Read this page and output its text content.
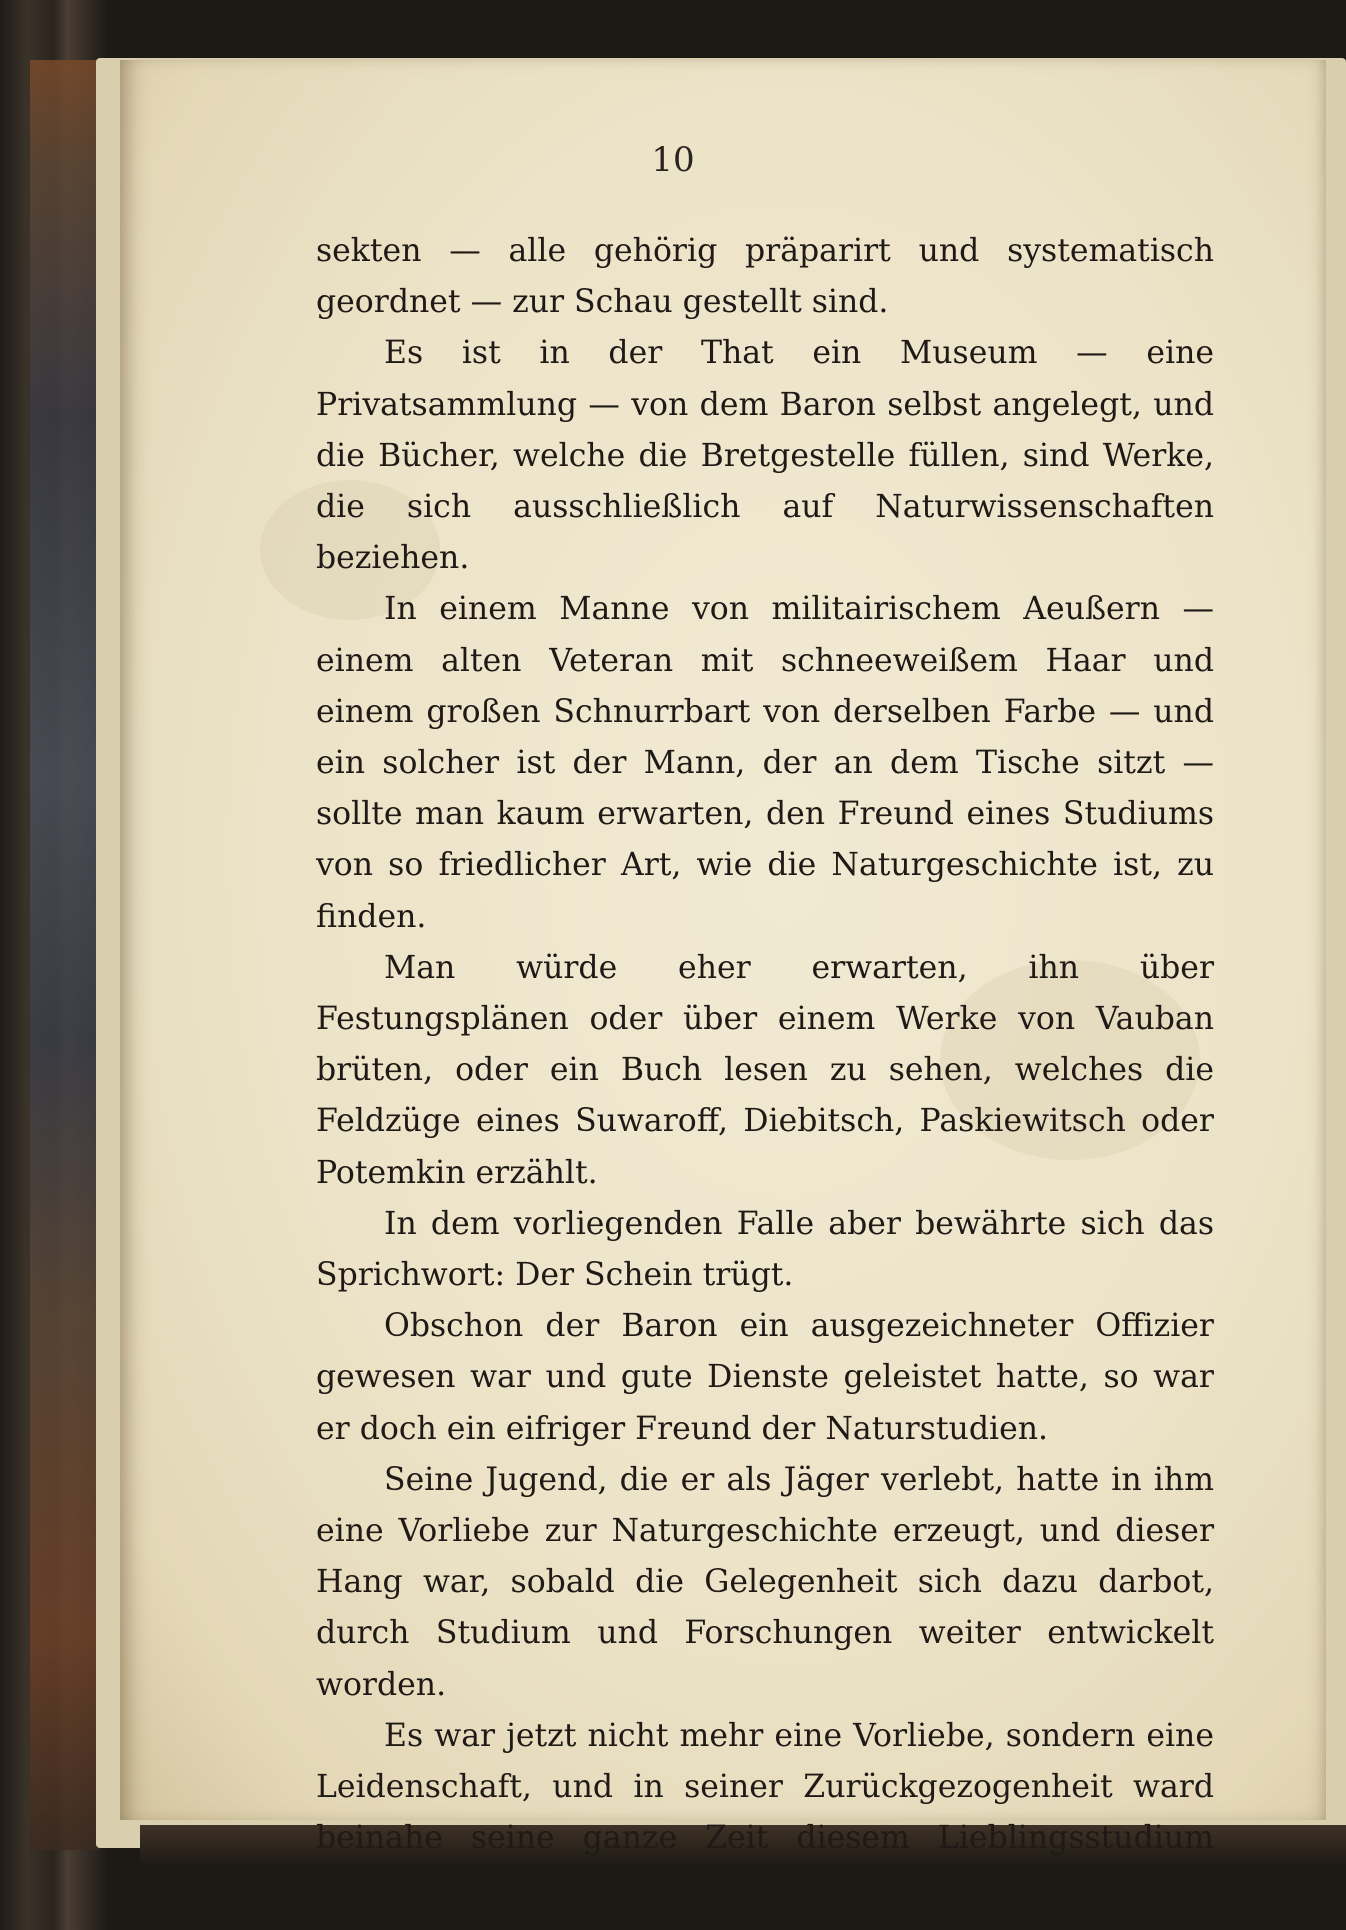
10

sekten — alle gehörig präparirt und systematisch geordnet — zur Schau gestellt sind.

Es ist in der That ein Museum — eine Privatsammlung — von dem Baron selbst angelegt, und die Bücher, welche die Bretgestelle füllen, sind Werke, die sich ausschließlich auf Naturwissenschaften beziehen.

In einem Manne von militairischem Aeußern — einem alten Veteran mit schneeweißem Haar und einem großen Schnurrbart von derselben Farbe — und ein solcher ist der Mann, der an dem Tische sitzt — sollte man kaum erwarten, den Freund eines Studiums von so friedlicher Art, wie die Naturgeschichte ist, zu finden.

Man würde eher erwarten, ihn über Festungsplänen oder über einem Werke von Vauban brüten, oder ein Buch lesen zu sehen, welches die Feldzüge eines Suwaroff, Diebitsch, Paskiewitsch oder Potemkin erzählt.

In dem vorliegenden Falle aber bewährte sich das Sprichwort: Der Schein trügt.

Obschon der Baron ein ausgezeichneter Offizier gewesen war und gute Dienste geleistet hatte, so war er doch ein eifriger Freund der Naturstudien.

Seine Jugend, die er als Jäger verlebt, hatte in ihm eine Vorliebe zur Naturgeschichte erzeugt, und dieser Hang war, sobald die Gelegenheit sich dazu darbot, durch Studium und Forschungen weiter entwickelt worden.

Es war jetzt nicht mehr eine Vorliebe, sondern eine Leidenschaft, und in seiner Zurückgezogenheit ward beinahe seine ganze Zeit diesem Lieblingsstudium gewidmet.
